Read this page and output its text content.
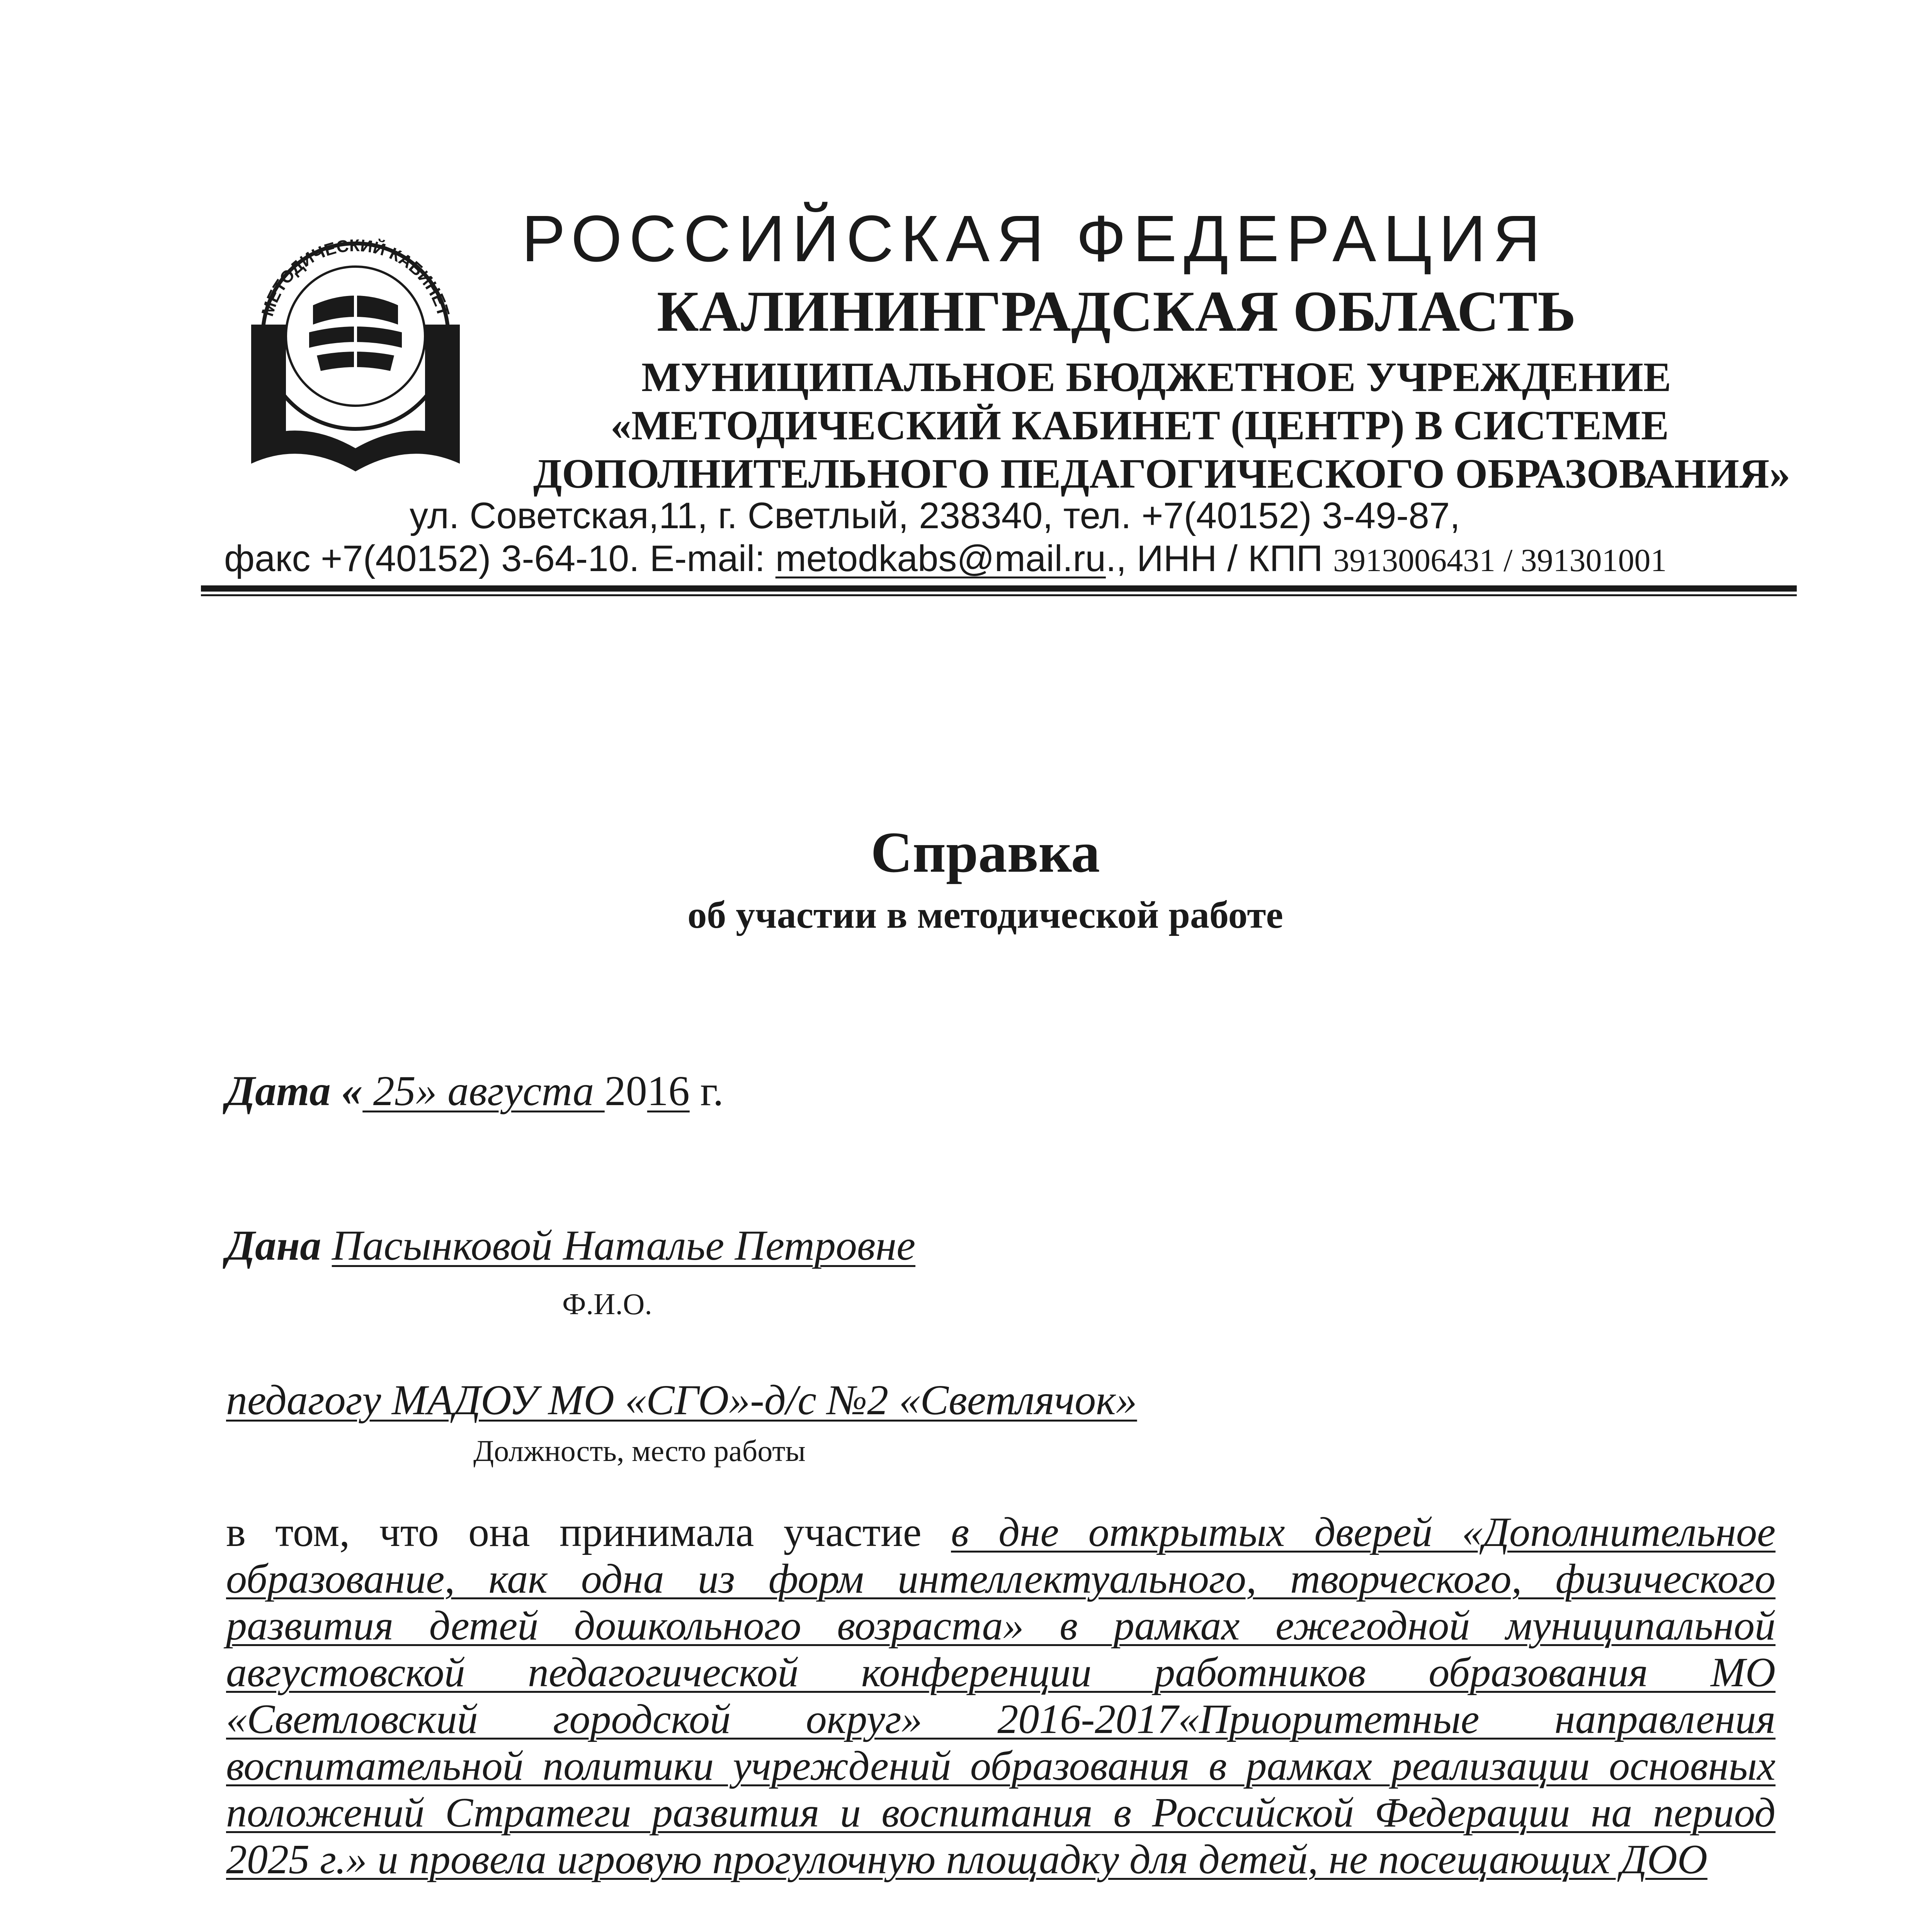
МЕТОДИЧЕСКИЙ КАБИНЕТ
РОССИЙСКАЯ ФЕДЕРАЦИЯ
КАЛИНИНГРАДСКАЯ ОБЛАСТЬ
МУНИЦИПАЛЬНОЕ БЮДЖЕТНОЕ УЧРЕЖДЕНИЕ
«МЕТОДИЧЕСКИЙ КАБИНЕТ (ЦЕНТР) В СИСТЕМЕ
ДОПОЛНИТЕЛЬНОГО ПЕДАГОГИЧЕСКОГО ОБРАЗОВАНИЯ»
ул. Советская,11, г. Светлый, 238340, тел. +7(40152) 3-49-87,
факс +7(40152) 3-64-10. E-mail: metodkabs@mail.ru., ИНН / КПП 3913006431 / 391301001
Справка
об участии в методической работе
Дата « 25» августа 2016 г.
Дана Пасынковой Наталье Петровне
Ф.И.О.
педагогу МАДОУ МО «СГО»-д/с №2 «Светлячок»
Должность, место работы
в том, что она принимала участие в дне открытых дверей «Дополнительное образование, как одна из форм интеллектуального, творческого, физического развития детей дошкольного возраста» в рамках ежегодной муниципальной августовской педагогической конференции работников образования МО «Светловский городской округ» 2016-2017«Приоритетные направления воспитательной политики учреждений образования в рамках реализации основных положений Стратеги развития и воспитания в Российской Федерации на период 2025 г.» и провела игровую прогулочную площадку для детей, не посещающих ДОО
